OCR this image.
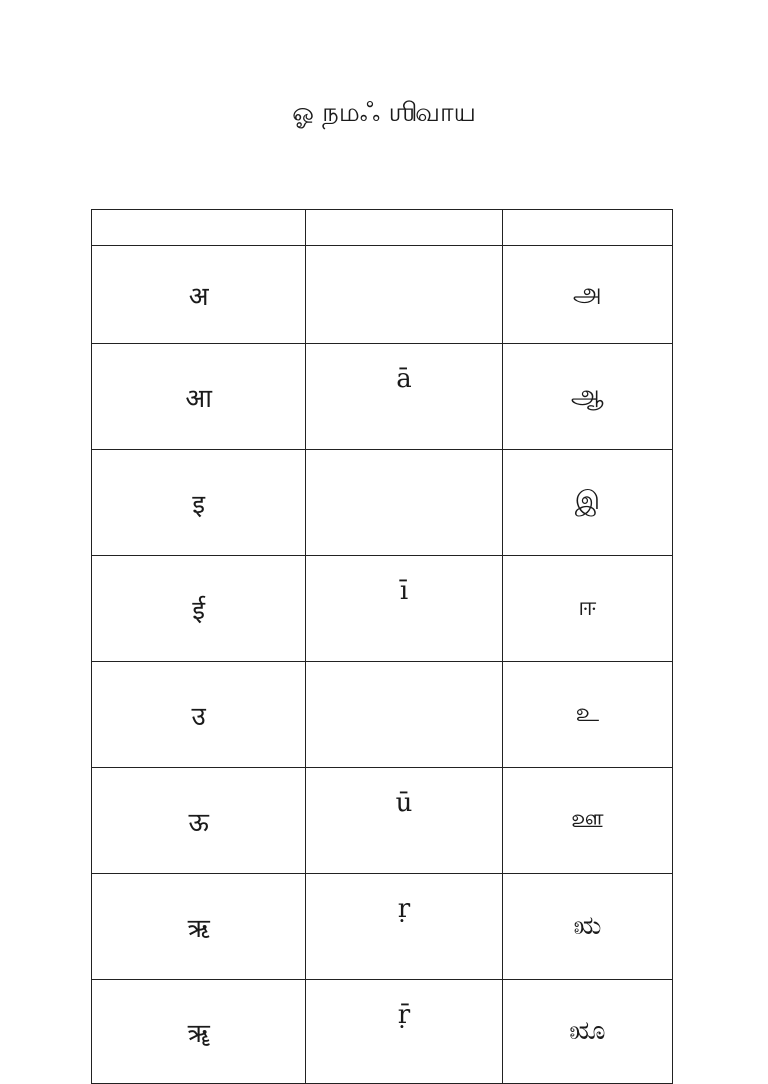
ஓ நமஃ ஶிவாய

अ		அ
आ	ā	ஆ
इ		இ
ई	ī	ஈ
उ		உ
ऊ	ū	ஊ
ऋ	ṛ	ಋ
ॠ	ṝ	ೠ
